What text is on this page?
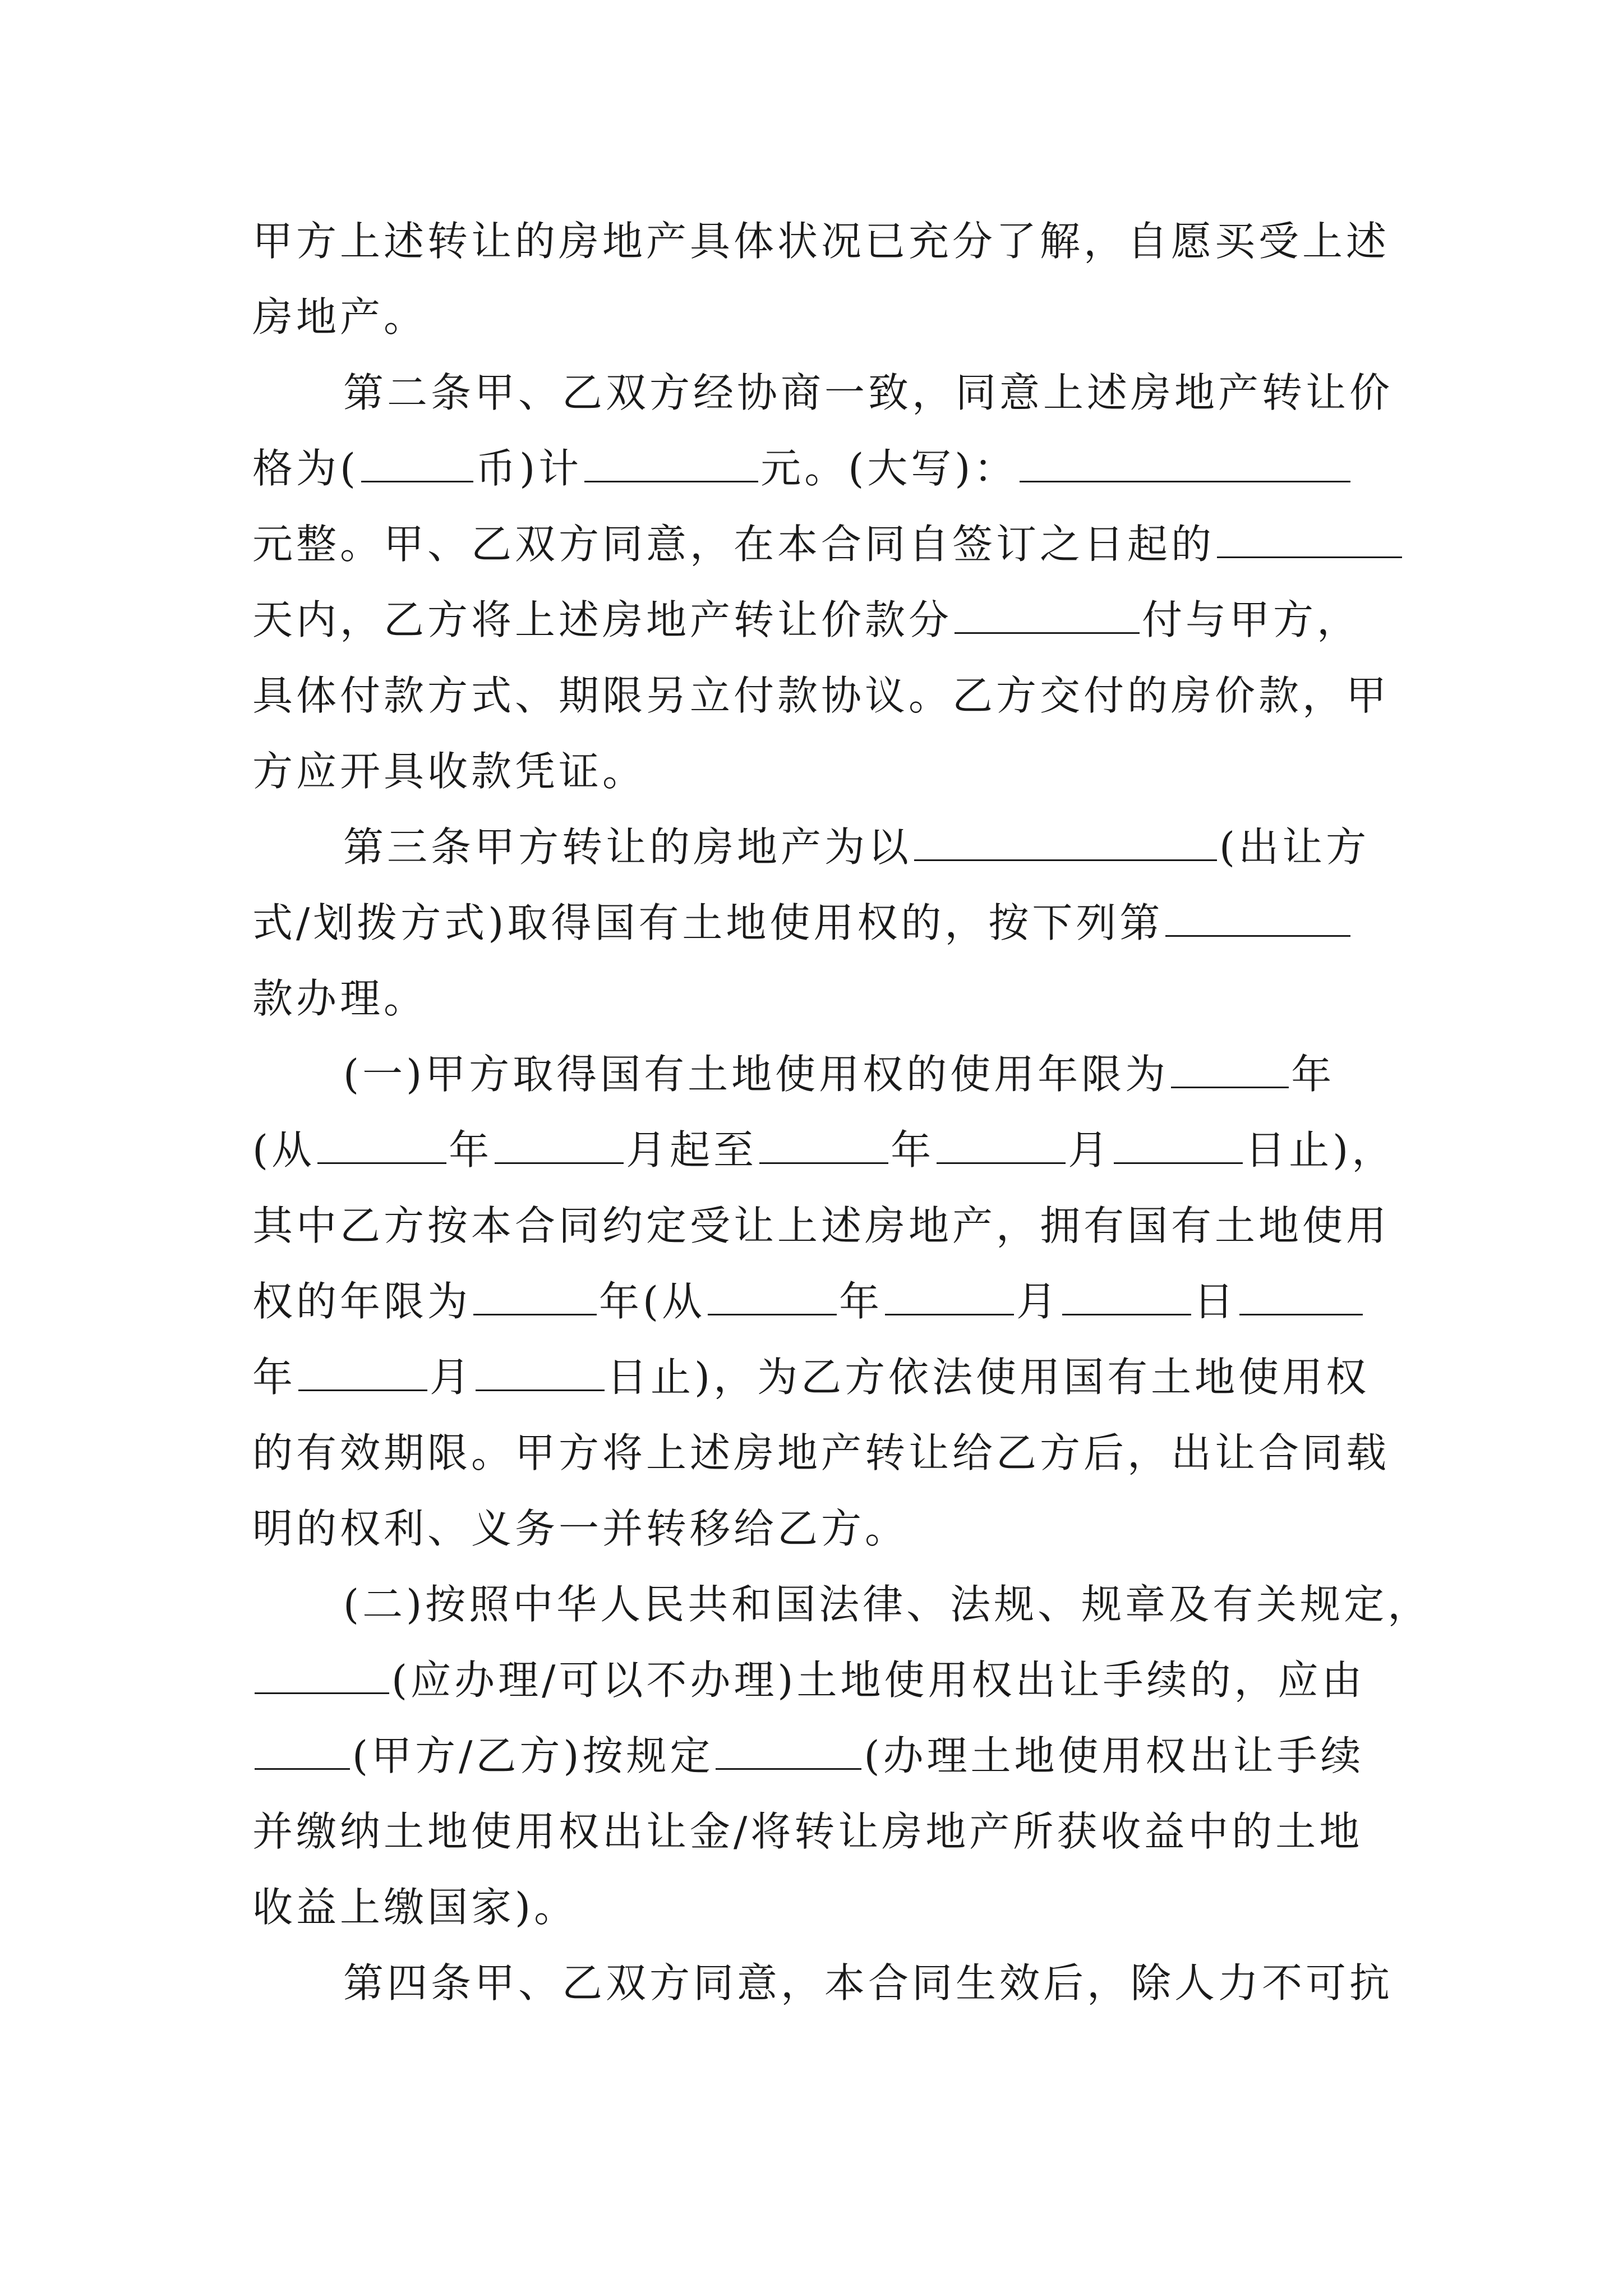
甲方上述转让的房地产具体状况已充分了解，自愿买受上述
房地产。
第二条甲、乙双方经协商一致，同意上述房地产转让价
格为(	币)计	元。(大写)：
元整。甲、乙双方同意，在本合同自签订之日起的
天内，乙方将上述房地产转让价款分	付与甲方，
具体付款方式、期限另立付款协议。乙方交付的房价款，甲
方应开具收款凭证。
第三条甲方转让的房地产为以	(出让方
式/划拨方式)取得国有土地使用权的，按下列第
款办理。
(一)甲方取得国有土地使用权的使用年限为	年
(从	年	月起至	年	月	日止)，
其中乙方按本合同约定受让上述房地产，拥有国有土地使用
权的年限为	年(从	年	月	日
年	月	日止)，为乙方依法使用国有土地使用权
的有效期限。甲方将上述房地产转让给乙方后，出让合同载
明的权利、义务一并转移给乙方。
(二)按照中华人民共和国法律、法规、规章及有关规定，
(应办理/可以不办理)土地使用权出让手续的，应由
(甲方/乙方)按规定	(办理土地使用权出让手续
并缴纳土地使用权出让金/将转让房地产所获收益中的土地
收益上缴国家)。
第四条甲、乙双方同意，本合同生效后，除人力不可抗
